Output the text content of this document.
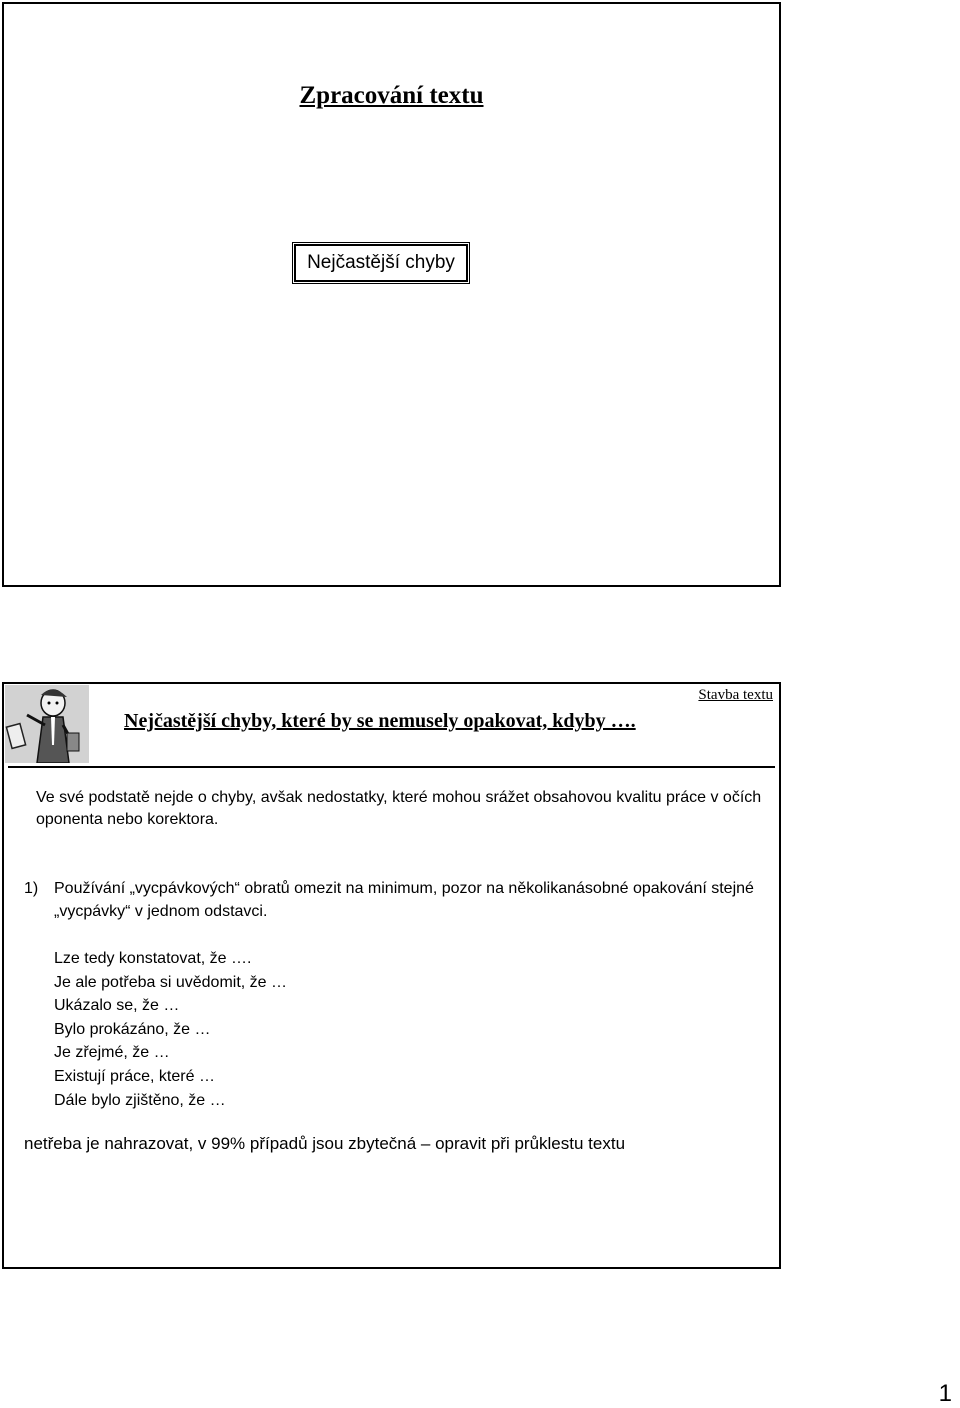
Zpracování textu
Nejčastější chyby
Stavba textu
Nejčastější chyby, které by se nemusely opakovat, kdyby ….
Ve své podstatě nejde o chyby, avšak nedostatky, které mohou srážet obsahovou kvalitu práce v očích oponenta nebo korektora.
1) Používání „vycpávkových“ obratů omezit na minimum, pozor na několikanásobné opakování stejné „vycpávky“ v jednom odstavci.
Lze tedy konstatovat, že ….
Je ale potřeba si uvědomit, že …
Ukázalo se, že …
Bylo prokázáno, že …
Je zřejmé, že …
Existují práce, které …
Dále bylo zjištěno, že …
netřeba je nahrazovat, v 99% případů jsou zbytečná – opravit při průklestu textu
1
